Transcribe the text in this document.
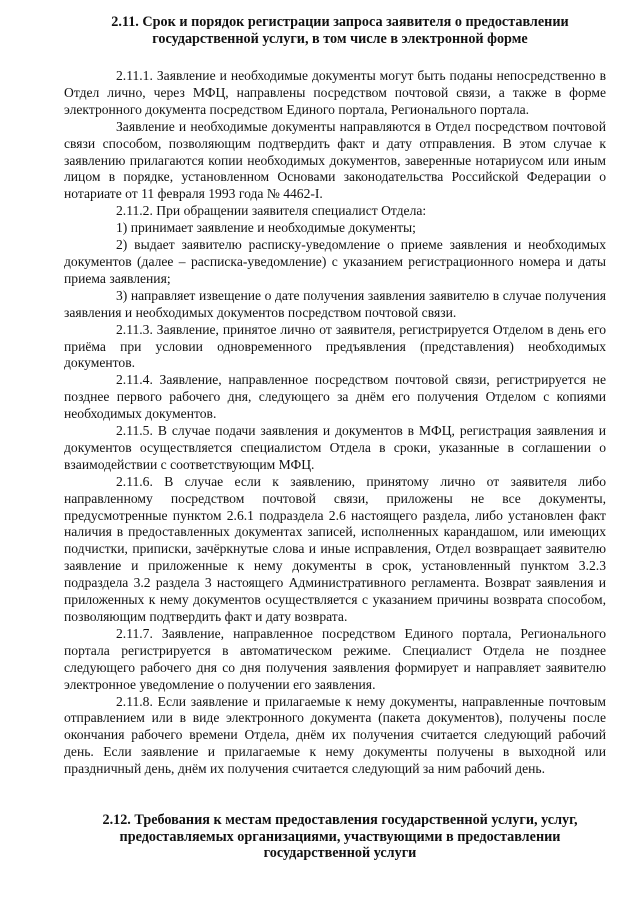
2.11. Срок и порядок регистрации запроса заявителя о предоставлении государственной услуги, в том числе в электронной форме

2.11.1. Заявление и необходимые документы могут быть поданы непосредственно в Отдел лично, через МФЦ, направлены посредством почтовой связи, а также в форме электронного документа посредством Единого портала, Регионального портала.

Заявление и необходимые документы направляются в Отдел посредством почтовой связи способом, позволяющим подтвердить факт и дату отправления. В этом случае к заявлению прилагаются копии необходимых документов, заверенные нотариусом или иным лицом в порядке, установленном Основами законодательства Российской Федерации о нотариате от 11 февраля 1993 года № 4462-I.

2.11.2. При обращении заявителя специалист Отдела:

1) принимает заявление и необходимые документы;

2) выдает заявителю расписку-уведомление о приеме заявления и необходимых документов (далее – расписка-уведомление) с указанием регистрационного номера и даты приема заявления;

3) направляет извещение о дате получения заявления заявителю в случае получения заявления и необходимых документов посредством почтовой связи.

2.11.3. Заявление, принятое лично от заявителя, регистрируется Отделом в день его приёма при условии одновременного предъявления (представления) необходимых документов.

2.11.4. Заявление, направленное посредством почтовой связи, регистрируется не позднее первого рабочего дня, следующего за днём его получения Отделом с копиями необходимых документов.

2.11.5. В случае подачи заявления и документов в МФЦ, регистрация заявления и документов осуществляется специалистом Отдела в сроки, указанные в соглашении о взаимодействии с соответствующим МФЦ.

2.11.6. В случае если к заявлению, принятому лично от заявителя либо направленному посредством почтовой связи, приложены не все документы, предусмотренные пунктом 2.6.1 подраздела 2.6 настоящего раздела, либо установлен факт наличия в предоставленных документах записей, исполненных карандашом, или имеющих подчистки, приписки, зачёркнутые слова и иные исправления, Отдел возвращает заявителю заявление и приложенные к нему документы в срок, установленный пунктом 3.2.3 подраздела 3.2 раздела 3 настоящего Административного регламента. Возврат заявления и приложенных к нему документов осуществляется с указанием причины возврата способом, позволяющим подтвердить факт и дату возврата.

2.11.7. Заявление, направленное посредством Единого портала, Регионального портала регистрируется в автоматическом режиме. Специалист Отдела не позднее следующего рабочего дня со дня получения заявления формирует и направляет заявителю электронное уведомление о получении его заявления.

2.11.8. Если заявление и прилагаемые к нему документы, направленные почтовым отправлением или в виде электронного документа (пакета документов), получены после окончания рабочего времени Отдела, днём их получения считается следующий рабочий день. Если заявление и прилагаемые к нему документы получены в выходной или праздничный день, днём их получения считается следующий за ним рабочий день.

2.12. Требования к местам предоставления государственной услуги, услуг, предоставляемых организациями, участвующими в предоставлении государственной услуги
